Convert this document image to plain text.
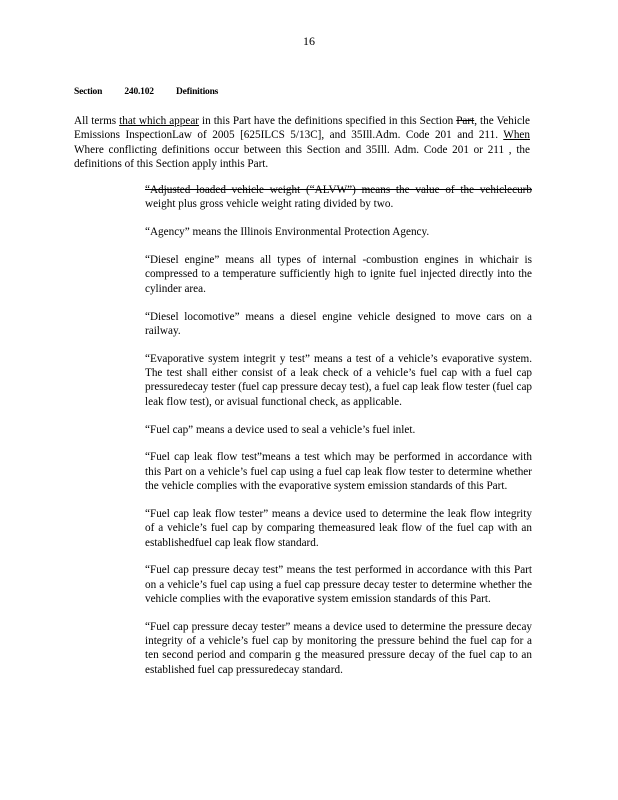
16
Section 240.102 Definitions

All terms that which appear in this Part have the definitions specified in this Section Part, the Vehicle Emissions InspectionLaw of 2005 [625ILCS 5/13C], and 35Ill.Adm. Code 201 and 211. When Where conflicting definitions occur between this Section and 35Ill. Adm. Code 201 or 211 , the definitions of this Section apply inthis Part.

“Adjusted loaded vehicle weight (“ALVW”) means the value of the vehiclecurb weight plus gross vehicle weight rating divided by two.

“Agency” means the Illinois Environmental Protection Agency.

“Diesel engine” means all types of internal -combustion engines in whichair is compressed to a temperature sufficiently high to ignite fuel injected directly into the cylinder area.

“Diesel locomotive” means a diesel engine vehicle designed to move cars on a railway.

“Evaporative system integrit y test” means a test of a vehicle’s evaporative system. The test shall either consist of a leak check of a vehicle’s fuel cap with a fuel cap pressuredecay tester (fuel cap pressure decay test), a fuel cap leak flow tester (fuel cap leak flow test), or avisual functional check, as applicable.

“Fuel cap” means a device used to seal a vehicle’s fuel inlet.

“Fuel cap leak flow test”means a test which may be performed in accordance with this Part on a vehicle’s fuel cap using a fuel cap leak flow tester to determine whether the vehicle complies with the evaporative system emission standards of this Part.

“Fuel cap leak flow tester” means a device used to determine the leak flow integrity of a vehicle’s fuel cap by comparing themeasured leak flow of the fuel cap with an establishedfuel cap leak flow standard.

“Fuel cap pressure decay test” means the test performed in accordance with this Part on a vehicle’s fuel cap using a fuel cap pressure decay tester to determine whether the vehicle complies with the evaporative system emission standards of this Part.

“Fuel cap pressure decay tester” means a device used to determine the pressure decay integrity of a vehicle’s fuel cap by monitoring the pressure behind the fuel cap for a ten second period and comparin g the measured pressure decay of the fuel cap to an established fuel cap pressuredecay standard.
